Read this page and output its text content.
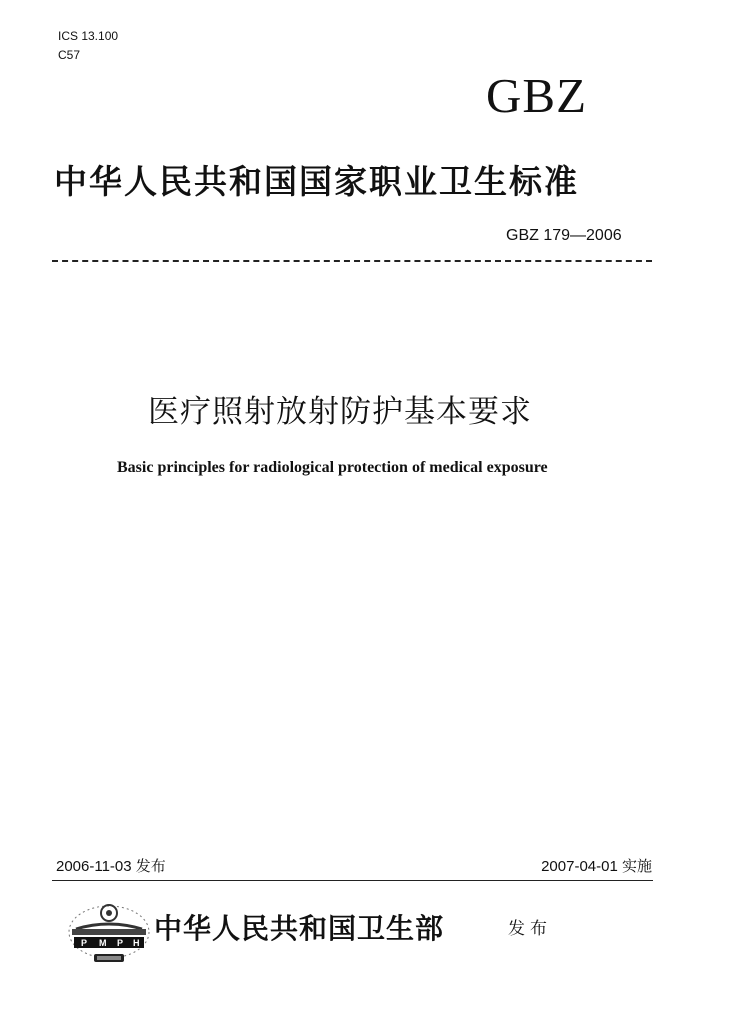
ICS 13.100
C57
GBZ
中华人民共和国国家职业卫生标准
GBZ 179—2006
医疗照射放射防护基本要求
Basic principles for radiological protection of medical exposure
2006-11-03 发布	2007-04-01 实施
P M P H 中华人民共和国卫生部	发布
